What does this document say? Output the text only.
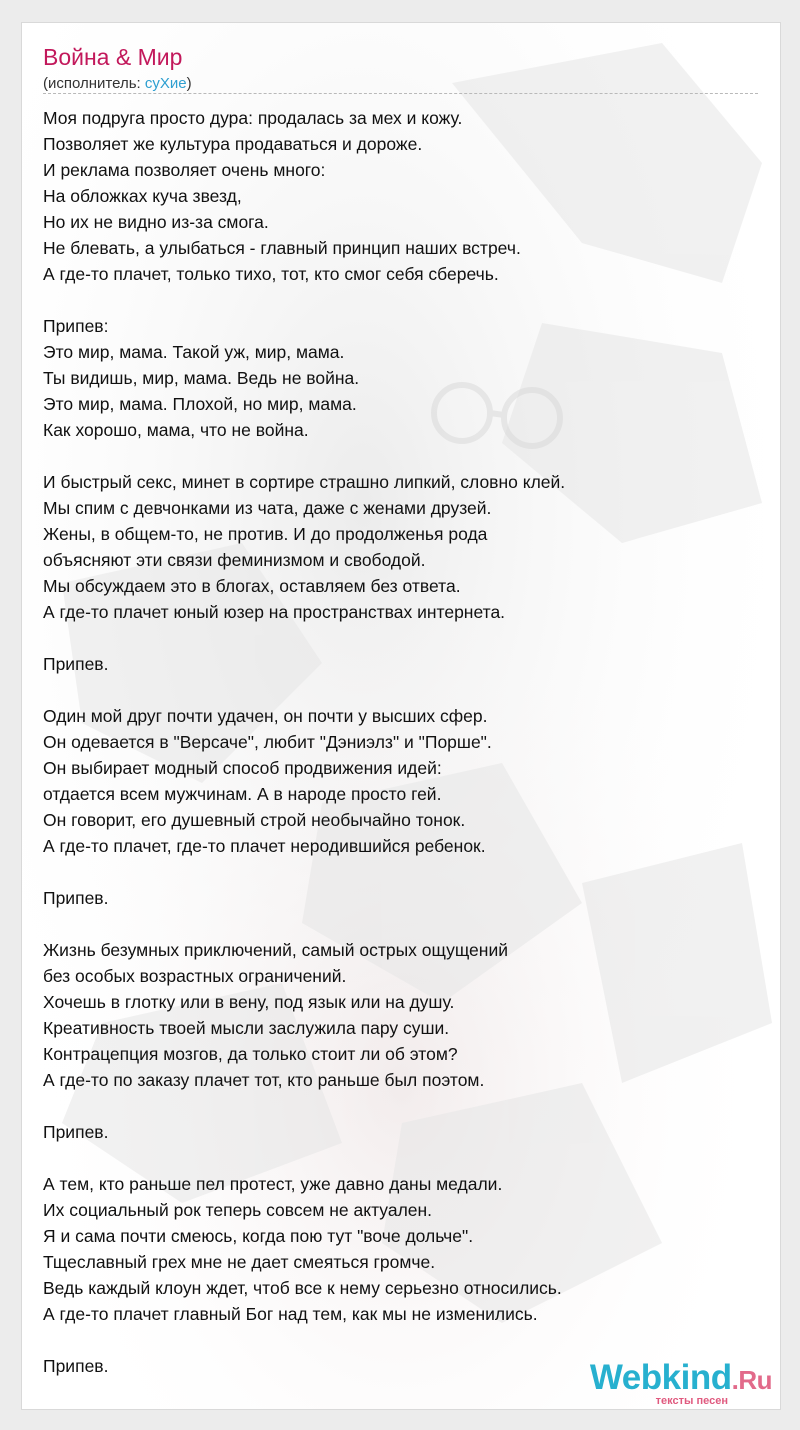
Война & Мир
(исполнитель: суХие)
Моя подруга просто дура: продалась за мех и кожу.
Позволяет же культура продаваться и дороже.
И реклама позволяет очень много:
На обложках куча звезд,
Но их не видно из-за смога.
Не блевать, а улыбаться - главный принцип наших встреч.
А где-то плачет, только тихо, тот, кто смог себя сберечь.
Припев:
Это мир, мама. Такой уж, мир, мама.
Ты видишь, мир, мама. Ведь не война.
Это мир, мама. Плохой, но мир, мама.
Как хорошо, мама, что не война.
И быстрый секс, минет в сортире страшно липкий, словно клей.
Мы спим с девчонками из чата, даже с женами друзей.
Жены, в общем-то, не против. И до продолженья рода
объясняют эти связи феминизмом и свободой.
Мы обсуждаем это в блогах, оставляем без ответа.
А где-то плачет юный юзер на пространствах интернета.
Припев.
Один мой друг почти удачен, он почти у высших сфер.
Он одевается в "Версаче", любит "Дэниэлз" и "Порше".
Он выбирает модный способ продвижения идей:
отдается всем мужчинам. А в народе просто гей.
Он говорит, его душевный строй необычайно тонок.
А где-то плачет, где-то плачет неродившийся ребенок.
Припев.
Жизнь безумных приключений, самый острых ощущений
без особых возрастных ограничений.
Хочешь в глотку или в вену, под язык или на душу.
Креативность твоей мысли заслужила пару суши.
Контрацепция мозгов, да только стоит ли об этом?
А где-то по заказу плачет тот, кто раньше был поэтом.
Припев.
А тем, кто раньше пел протест, уже давно даны медали.
Их социальный рок теперь совсем не актуален.
Я и сама почти смеюсь, когда пою тут "воче дольче".
Тщеславный грех мне не дает смеяться громче.
Ведь каждый клоун ждет, чтоб все к нему серьезно относились.
А где-то плачет главный Бог над тем, как мы не изменились.
Припев.	Webkind.Ru
тексты песен
